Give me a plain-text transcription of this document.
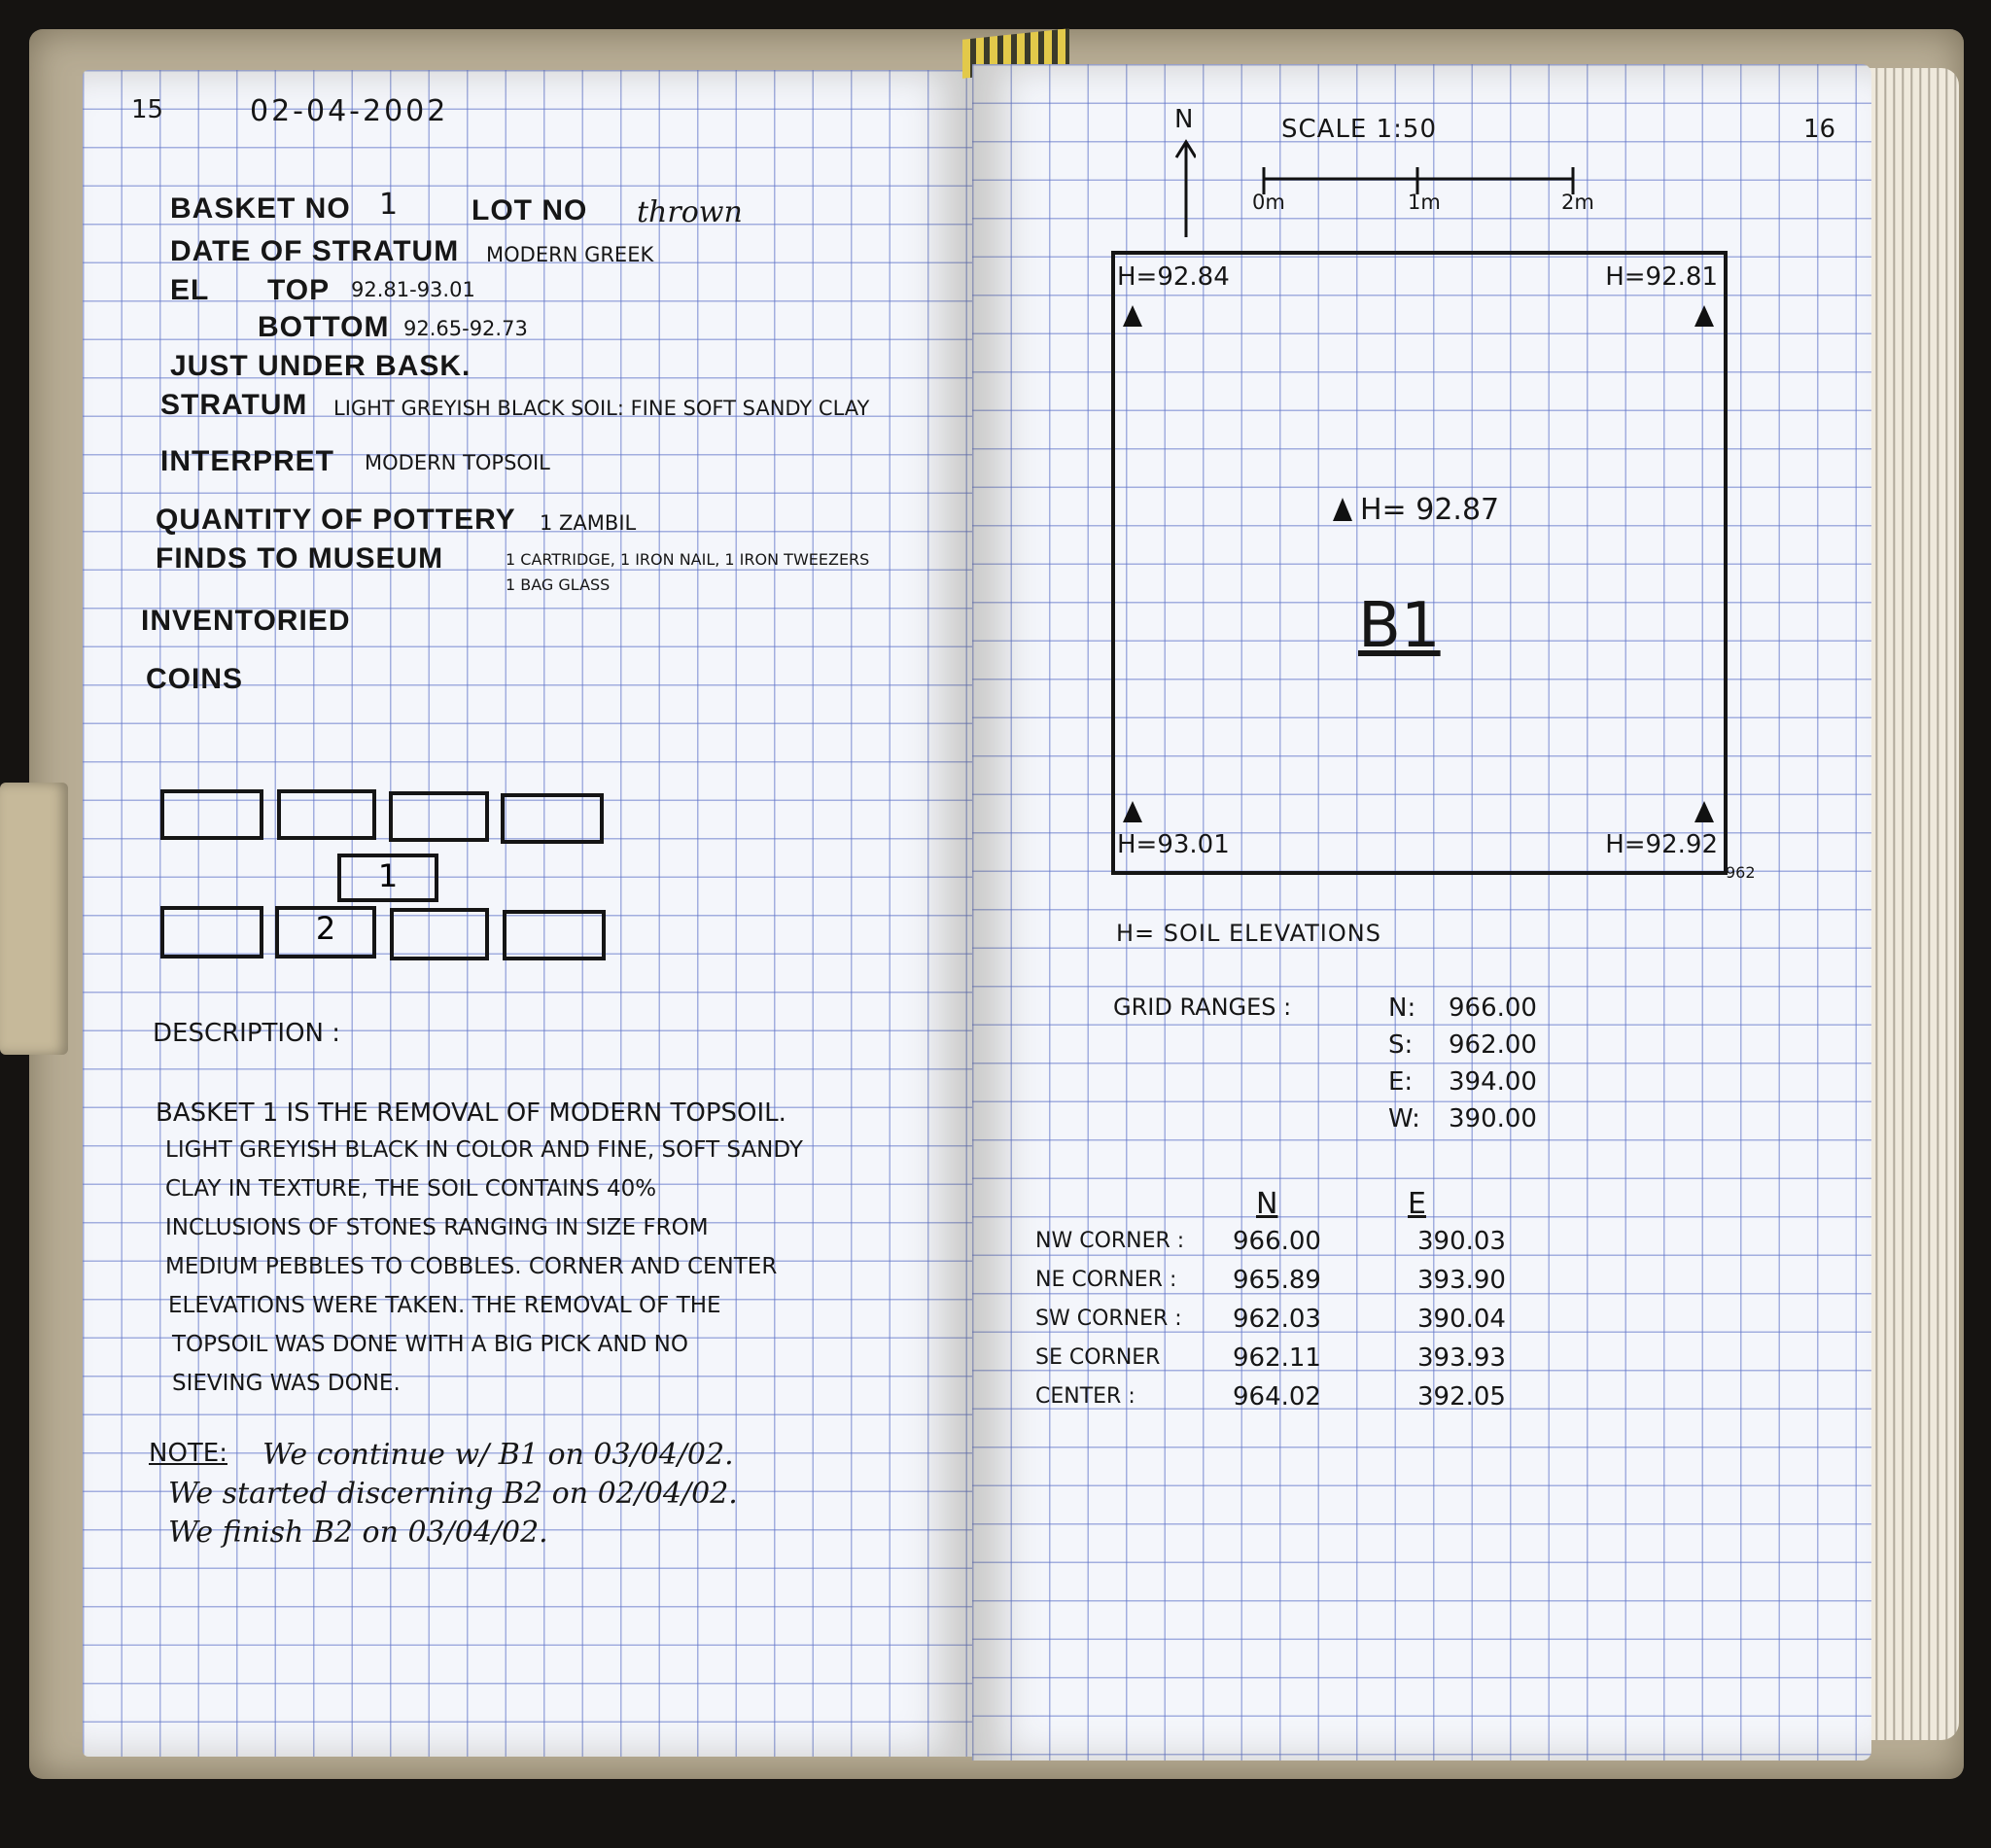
15	02-04-2002
BASKET NO 1	LOT NO thrown
DATE OF STRATUM MODERN GREEK
EL TOP 92.81-93.01
BOTTOM 92.65-92.73
JUST UNDER BASK.
STRATUM LIGHT GREYISH BLACK SOIL: FINE SOFT SANDY CLAY
INTERPRET MODERN TOPSOIL
QUANTITY OF POTTERY 1 ZAMBIL
FINDS TO MUSEUM	1 CARTRIDGE, 1 IRON NAIL, 1 IRON TWEEZERS
1 BAG GLASS
INVENTORIED
COINS
1
2
DESCRIPTION :
BASKET 1 IS THE REMOVAL OF MODERN TOPSOIL.
LIGHT GREYISH BLACK IN COLOR AND FINE, SOFT SANDY
CLAY IN TEXTURE, THE SOIL CONTAINS 40%
INCLUSIONS OF STONES RANGING IN SIZE FROM
MEDIUM PEBBLES TO COBBLES. CORNER AND CENTER
ELEVATIONS WERE TAKEN. THE REMOVAL OF THE
TOPSOIL WAS DONE WITH A BIG PICK AND NO
SIEVING WAS DONE.
NOTE: We continue w/ B1 on 03/04/02.
We started discerning B2 on 02/04/02.
We finish B2 on 03/04/02.
16
N	SCALE 1:50
0m	1m	2m
H=92.84	H=92.81
H= 92.87
B1
H=93.01	H=92.92
962
H= SOIL ELEVATIONS
GRID RANGES :	N: 966.00
S: 962.00
E: 394.00
W: 390.00
N	E
NW CORNER : 966.00	390.03
NE CORNER : 965.89	393.90
SW CORNER : 962.03	390.04
SE CORNER	962.11	393.93
CENTER :	964.02	392.05
